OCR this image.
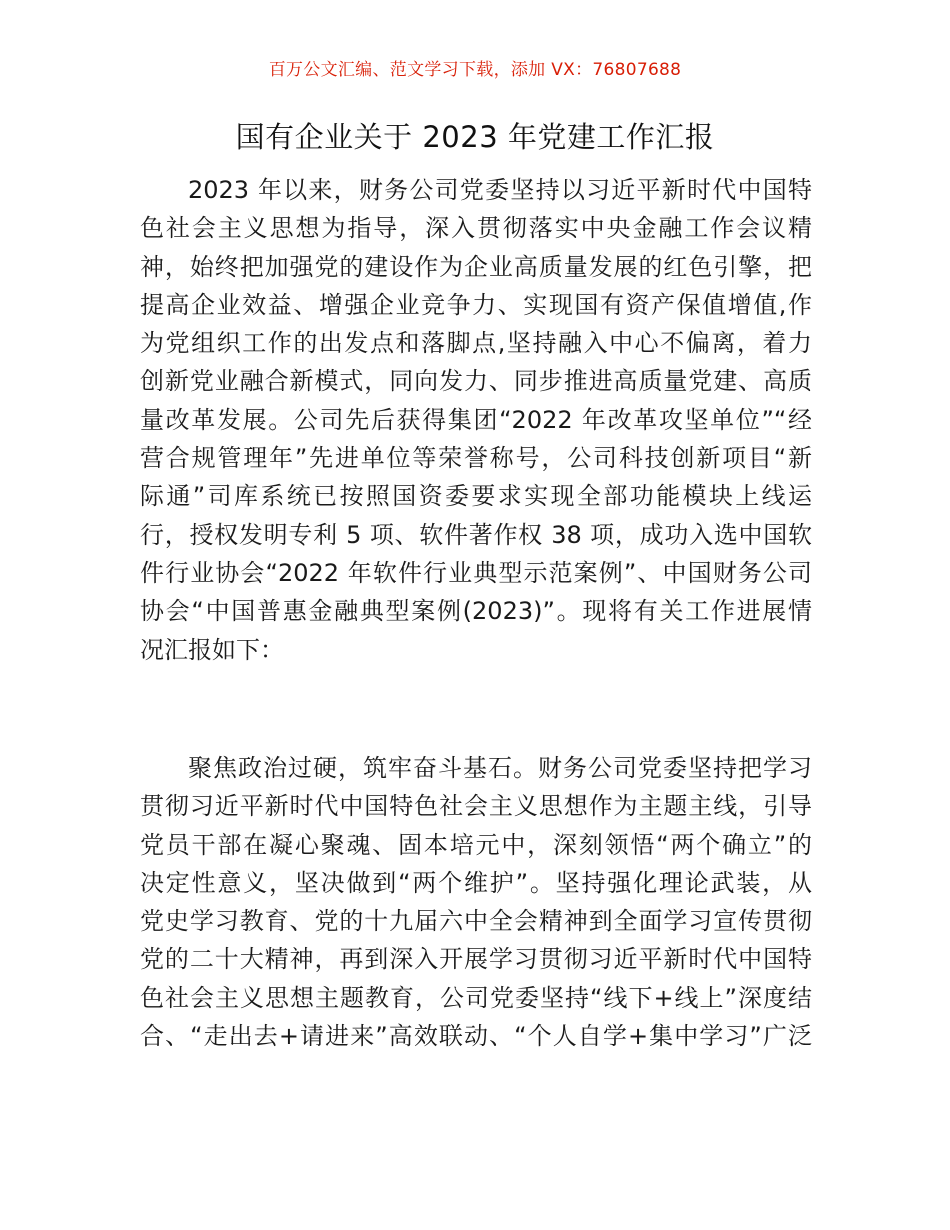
百万公文汇编、范文学习下载，添加 VX：76807688
国有企业关于 2023 年党建工作汇报
2023 年以来，财务公司党委坚持以习近平新时代中国特
色社会主义思想为指导，深入贯彻落实中央金融工作会议精
神，始终把加强党的建设作为企业高质量发展的红色引擎，把
提高企业效益、增强企业竞争力、实现国有资产保值增值,作
为党组织工作的出发点和落脚点,坚持融入中心不偏离，着力
创新党业融合新模式，同向发力、同步推进高质量党建、高质
量改革发展。公司先后获得集团“2022 年改革攻坚单位”“经
营合规管理年”先进单位等荣誉称号，公司科技创新项目“新
际通”司库系统已按照国资委要求实现全部功能模块上线运
行，授权发明专利 5 项、软件著作权 38 项，成功入选中国软
件行业协会“2022 年软件行业典型示范案例”、中国财务公司
协会“中国普惠金融典型案例(2023)”。现将有关工作进展情
况汇报如下：
聚焦政治过硬，筑牢奋斗基石。财务公司党委坚持把学习
贯彻习近平新时代中国特色社会主义思想作为主题主线，引导
党员干部在凝心聚魂、固本培元中，深刻领悟“两个确立”的
决定性意义，坚决做到“两个维护”。坚持强化理论武装，从
党史学习教育、党的十九届六中全会精神到全面学习宣传贯彻
党的二十大精神，再到深入开展学习贯彻习近平新时代中国特
色社会主义思想主题教育，公司党委坚持“线下+线上”深度结
合、“走出去+请进来”高效联动、“个人自学+集中学习”广泛
